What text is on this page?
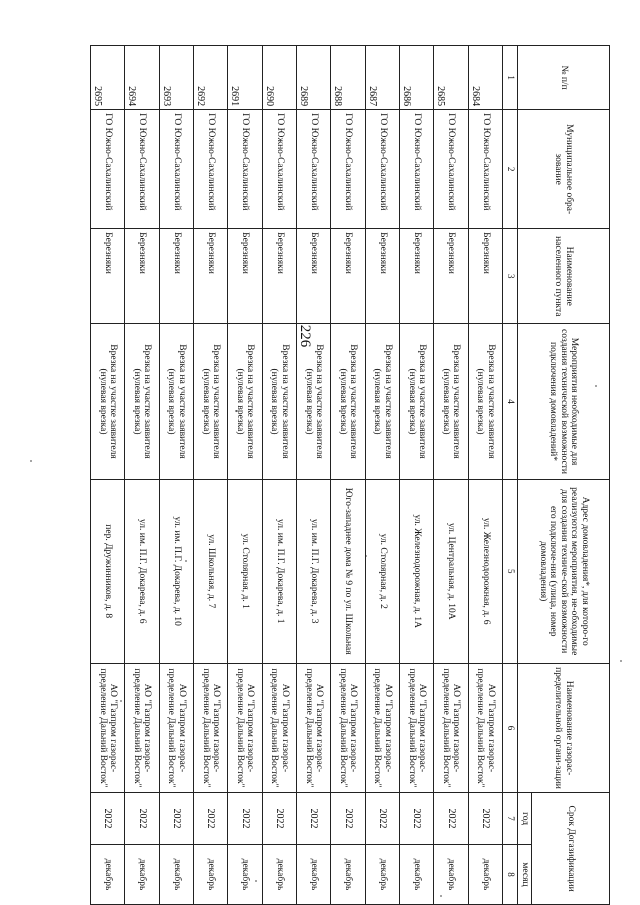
226
№ п/п	Муниципальное обра-зование	Наименование населенного пункта	Мероприятия необходимые для создания технической возможности подключения домовладений*	Адрес домовладения*, для которо-го реализуются мероприятия, не-обходимые для создания техниче-ской возможности его подключе-ния (улица, номер домовладения)	Наименование газорас-пределительной органи-зации	Срок Догазификации	
						год	месяц
1	2	3	4	5	6	7	8
2684	ГО Южно-Сахалинский	Березняки	Врезка на участке заявителя (нулевая врезка)	ул. Железнодорожная, д. 6	АО "Газпром газорас-пределение Дальний Восток"	2022	декабрь
2685	ГО Южно-Сахалинский	Березняки	Врезка на участке заявителя (нулевая врезка)	ул. Центральная, д. 10А	АО "Газпром газорас-пределение Дальний Восток"	2022	декабрь
2686	ГО Южно-Сахалинский	Березняки	Врезка на участке заявителя (нулевая врезка)	ул. Железнодорожная, д. 1А	АО "Газпром газорас-пределение Дальний Восток"	2022	декабрь
2687	ГО Южно-Сахалинский	Березняки	Врезка на участке заявителя (нулевая врезка)	ул. Столярная, д. 2	АО "Газпром газорас-пределение Дальний Восток"	2022	декабрь
2688	ГО Южно-Сахалинский	Березняки	Врезка на участке заявителя (нулевая врезка)	Юго-западнее дома № 9 по ул. Школьная	АО "Газпром газорас-пределение Дальний Восток"	2022	декабрь
2689	ГО Южно-Сахалинский	Березняки	Врезка на участке заявителя (нулевая врезка)	ул. им. П.Г. Докарева, д. 3	АО "Газпром газорас-пределение Дальний Восток"	2022	декабрь
2690	ГО Южно-Сахалинский	Березняки	Врезка на участке заявителя (нулевая врезка)	ул. им. П.Г. Докарева, д. 1	АО "Газпром газорас-пределение Дальний Восток"	2022	декабрь
2691	ГО Южно-Сахалинский	Березняки	Врезка на участке заявителя (нулевая врезка)	ул. Столярная, д. 1	АО "Газпром газорас-пределение Дальний Восток"	2022	декабрь
2692	ГО Южно-Сахалинский	Березняки	Врезка на участке заявителя (нулевая врезка)	ул. Школьная, д. 7	АО "Газпром газорас-пределение Дальний Восток"	2022	декабрь
2693	ГО Южно-Сахалинский	Березняки	Врезка на участке заявителя (нулевая врезка)	ул. им. П.Г. Докарева, д. 10	АО "Газпром газорас-пределение Дальний Восток"	2022	декабрь
2694	ГО Южно-Сахалинский	Березняки	Врезка на участке заявителя (нулевая врезка)	ул. им. П.Г. Докарева, д. 6	АО "Газпром газорас-пределение Дальний Восток"	2022	декабрь
2695	ГО Южно-Сахалинский	Березняки	Врезка на участке заявителя (нулевая врезка)	пер. Дружинников, д. 8	АО "Газпром газорас-пределение Дальний Восток"	2022	декабрь
